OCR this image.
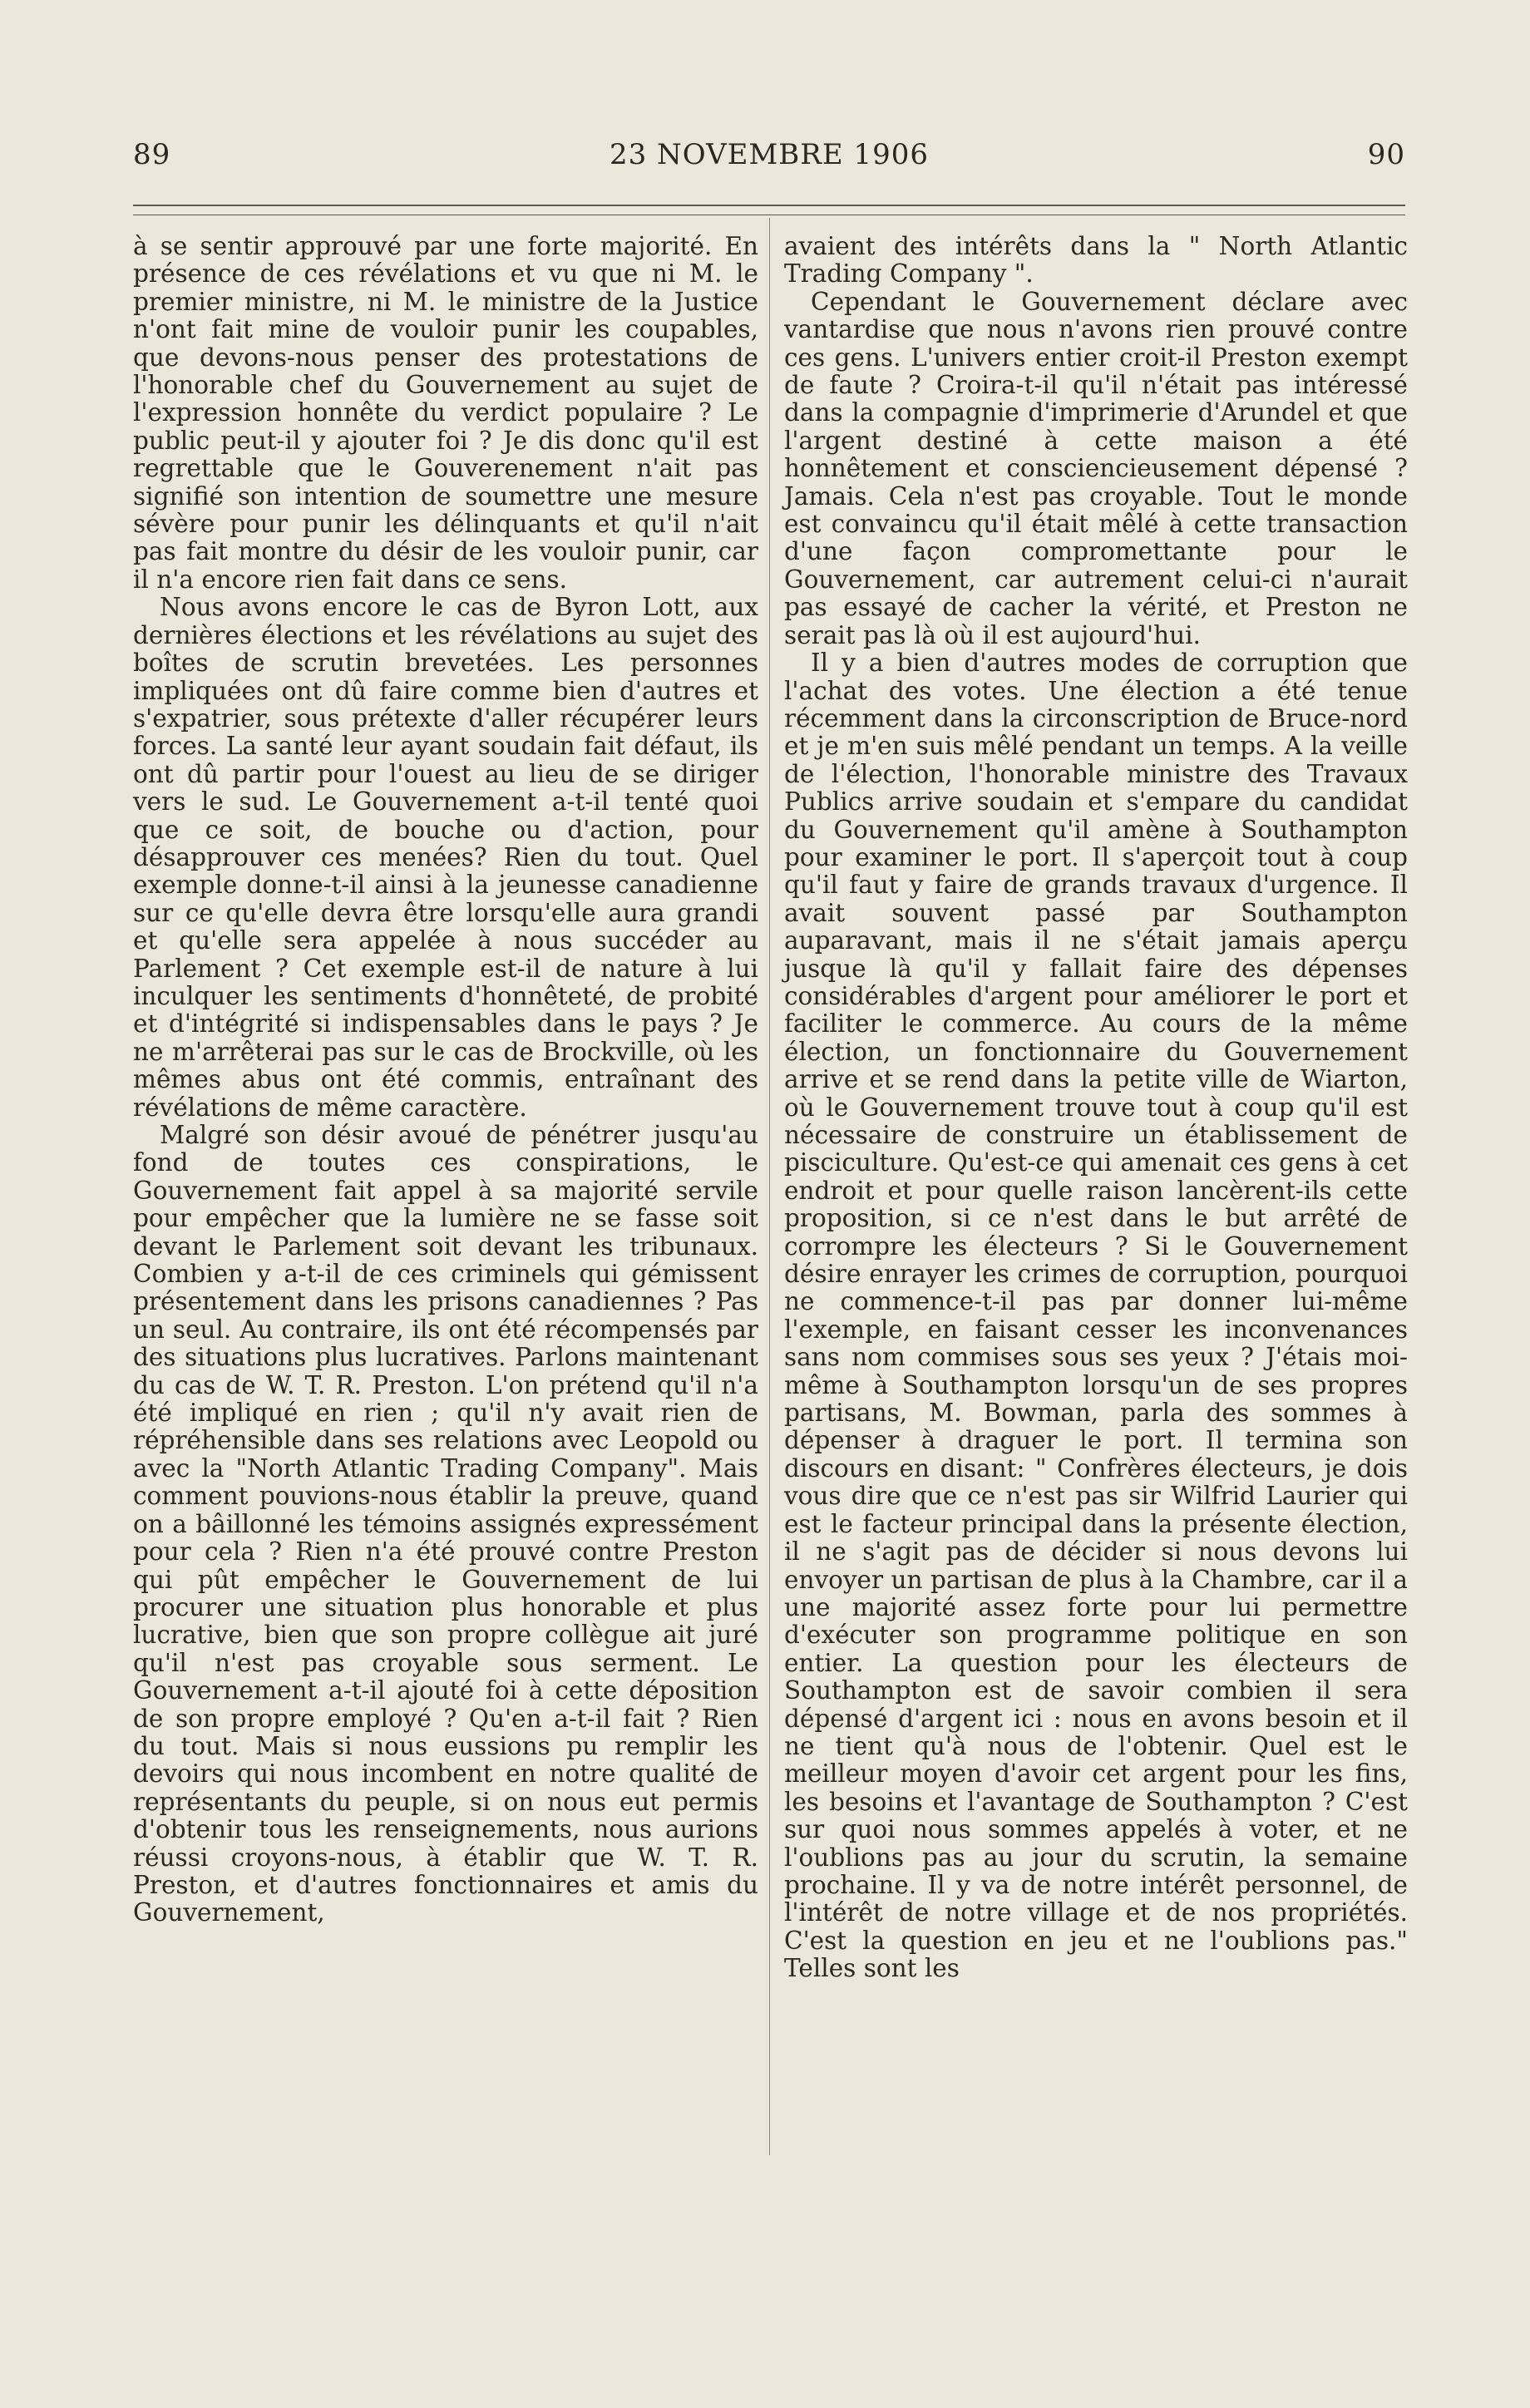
89	23 NOVEMBRE 1906	90

à se sentir approuvé par une forte majorité. En présence de ces révélations et vu que ni M. le premier ministre, ni M. le ministre de la Justice n'ont fait mine de vouloir punir les coupables, que devons-nous penser des protestations de l'honorable chef du Gouvernement au sujet de l'expression honnête du verdict populaire ? Le public peut-il y ajouter foi ? Je dis donc qu'il est regrettable que le Gouverenement n'ait pas signifié son intention de soumettre une mesure sévère pour punir les délinquants et qu'il n'ait pas fait montre du désir de les vouloir punir, car il n'a encore rien fait dans ce sens.

Nous avons encore le cas de Byron Lott, aux dernières élections et les révélations au sujet des boîtes de scrutin brevetées. Les personnes impliquées ont dû faire comme bien d'autres et s'expatrier, sous prétexte d'aller récupérer leurs forces. La santé leur ayant soudain fait défaut, ils ont dû partir pour l'ouest au lieu de se diriger vers le sud. Le Gouvernement a-t-il tenté quoi que ce soit, de bouche ou d'action, pour désapprouver ces menées? Rien du tout. Quel exemple donne-t-il ainsi à la jeunesse canadienne sur ce qu'elle devra être lorsqu'elle aura grandi et qu'elle sera appelée à nous succéder au Parlement ? Cet exemple est-il de nature à lui inculquer les sentiments d'honnêteté, de probité et d'intégrité si indispensables dans le pays ? Je ne m'arrêterai pas sur le cas de Brockville, où les mêmes abus ont été commis, entraînant des révélations de même caractère.

Malgré son désir avoué de pénétrer jusqu'au fond de toutes ces conspirations, le Gouvernement fait appel à sa majorité servile pour empêcher que la lumière ne se fasse soit devant le Parlement soit devant les tribunaux. Combien y a-t-il de ces criminels qui gémissent présentement dans les prisons canadiennes ? Pas un seul. Au contraire, ils ont été récompensés par des situations plus lucratives. Parlons maintenant du cas de W. T. R. Preston. L'on prétend qu'il n'a été impliqué en rien ; qu'il n'y avait rien de répréhensible dans ses relations avec Leopold ou avec la "North Atlantic Trading Company". Mais comment pouvions-nous établir la preuve, quand on a bâillonné les témoins assignés expressément pour cela ? Rien n'a été prouvé contre Preston qui pût empêcher le Gouvernement de lui procurer une situation plus honorable et plus lucrative, bien que son propre collègue ait juré qu'il n'est pas croyable sous serment. Le Gouvernement a-t-il ajouté foi à cette déposition de son propre employé ? Qu'en a-t-il fait ? Rien du tout. Mais si nous eussions pu remplir les devoirs qui nous incombent en notre qualité de représentants du peuple, si on nous eut permis d'obtenir tous les renseignements, nous aurions réussi croyons-nous, à établir que W. T. R. Preston, et d'autres fonctionnaires et amis du Gouvernement,

avaient des intérêts dans la " North Atlantic Trading Company ".

Cependant le Gouvernement déclare avec vantardise que nous n'avons rien prouvé contre ces gens. L'univers entier croit-il Preston exempt de faute ? Croira-t-il qu'il n'était pas intéressé dans la compagnie d'imprimerie d'Arundel et que l'argent destiné à cette maison a été honnêtement et consciencieusement dépensé ? Jamais. Cela n'est pas croyable. Tout le monde est convaincu qu'il était mêlé à cette transaction d'une façon compromettante pour le Gouvernement, car autrement celui-ci n'aurait pas essayé de cacher la vérité, et Preston ne serait pas là où il est aujourd'hui.

Il y a bien d'autres modes de corruption que l'achat des votes. Une élection a été tenue récemment dans la circonscription de Bruce-nord et je m'en suis mêlé pendant un temps. A la veille de l'élection, l'honorable ministre des Travaux Publics arrive soudain et s'empare du candidat du Gouvernement qu'il amène à Southampton pour examiner le port. Il s'aperçoit tout à coup qu'il faut y faire de grands travaux d'urgence. Il avait souvent passé par Southampton auparavant, mais il ne s'était jamais aperçu jusque là qu'il y fallait faire des dépenses considérables d'argent pour améliorer le port et faciliter le commerce. Au cours de la même élection, un fonctionnaire du Gouvernement arrive et se rend dans la petite ville de Wiarton, où le Gouvernement trouve tout à coup qu'il est nécessaire de construire un établissement de pisciculture. Qu'est-ce qui amenait ces gens à cet endroit et pour quelle raison lancèrent-ils cette proposition, si ce n'est dans le but arrêté de corrompre les électeurs ? Si le Gouvernement désire enrayer les crimes de corruption, pourquoi ne commence-t-il pas par donner lui-même l'exemple, en faisant cesser les inconvenances sans nom commises sous ses yeux ? J'étais moi-même à Southampton lorsqu'un de ses propres partisans, M. Bowman, parla des sommes à dépenser à draguer le port. Il termina son discours en disant: " Confrères électeurs, je dois vous dire que ce n'est pas sir Wilfrid Laurier qui est le facteur principal dans la présente élection, il ne s'agit pas de décider si nous devons lui envoyer un partisan de plus à la Chambre, car il a une majorité assez forte pour lui permettre d'exécuter son programme politique en son entier. La question pour les électeurs de Southampton est de savoir combien il sera dépensé d'argent ici : nous en avons besoin et il ne tient qu'à nous de l'obtenir. Quel est le meilleur moyen d'avoir cet argent pour les fins, les besoins et l'avantage de Southampton ? C'est sur quoi nous sommes appelés à voter, et ne l'oublions pas au jour du scrutin, la semaine prochaine. Il y va de notre intérêt personnel, de l'intérêt de notre village et de nos propriétés. C'est la question en jeu et ne l'oublions pas." Telles sont les
